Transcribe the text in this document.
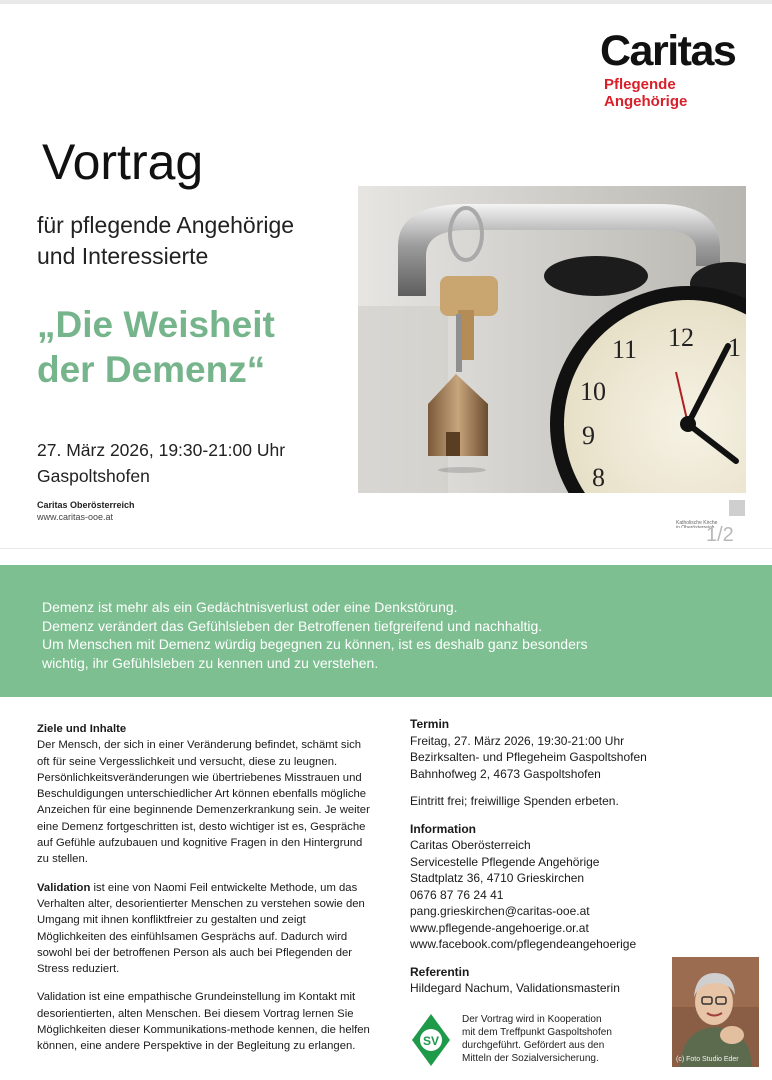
Caritas
Pflegende
Angehörige
Vortrag
für pflegende Angehörige
und Interessierte
„Die Weisheit
der Demenz“
27. März 2026, 19:30-21:00 Uhr
Gaspoltshofen
Caritas Oberösterreich
www.caritas-ooe.at
12
11
10
9
8
1
Katholische Kirche
in Oberösterreich
1/2
Demenz ist mehr als ein Gedächtnisverlust oder eine Denkstörung.
Demenz verändert das Gefühlsleben der Betroffenen tiefgreifend und nachhaltig.
Um Menschen mit Demenz würdig begegnen zu können, ist es deshalb ganz besonders
wichtig, ihr Gefühlsleben zu kennen und zu verstehen.
Ziele und Inhalte

Der Mensch, der sich in einer Veränderung befindet, schämt sich oft für seine Vergesslichkeit und versucht, diese zu leugnen. Persönlichkeitsveränderungen wie übertriebenes Misstrauen und Beschuldigungen unterschiedlicher Art können ebenfalls mögliche Anzeichen für eine beginnende Demenzerkrankung sein. Je weiter eine Demenz fortgeschritten ist, desto wichtiger ist es, Gespräche auf Gefühle aufzubauen und kognitive Fragen in den Hintergrund zu stellen.

Validation ist eine von Naomi Feil entwickelte Methode, um das Verhalten alter, desorientierter Menschen zu verstehen sowie den Umgang mit ihnen konfliktfreier zu gestalten und zeigt Möglichkeiten des einfühlsamen Gesprächs auf. Dadurch wird sowohl bei der betroffenen Person als auch bei Pflegenden der Stress reduziert.

Validation ist eine empathische Grundeinstellung im Kontakt mit desorientierten, alten Menschen. Bei diesem Vortrag lernen Sie Möglichkeiten dieser Kommunikations-methode kennen, die helfen können, eine andere Perspektive in der Begleitung zu erlangen.

Termin
Freitag, 27. März 2026, 19:30-21:00 Uhr
Bezirksalten- und Pflegeheim Gaspoltshofen
Bahnhofweg 2, 4673 Gaspoltshofen
Eintritt frei; freiwillige Spenden erbeten.
Information
Caritas Oberösterreich
Servicestelle Pflegende Angehörige
Stadtplatz 36, 4710 Grieskirchen
0676 87 76 24 41
pang.grieskirchen@caritas-ooe.at
www.pflegende-angehoerige.or.at
www.facebook.com/pflegendeangehoerige
Referentin
Hildegard Nachum, Validationsmasterin
SV
Der Vortrag wird in Kooperation
mit dem Treffpunkt Gaspoltshofen
durchgeführt. Gefördert aus den
Mitteln der Sozialversicherung.	(c) Foto Studio Eder
